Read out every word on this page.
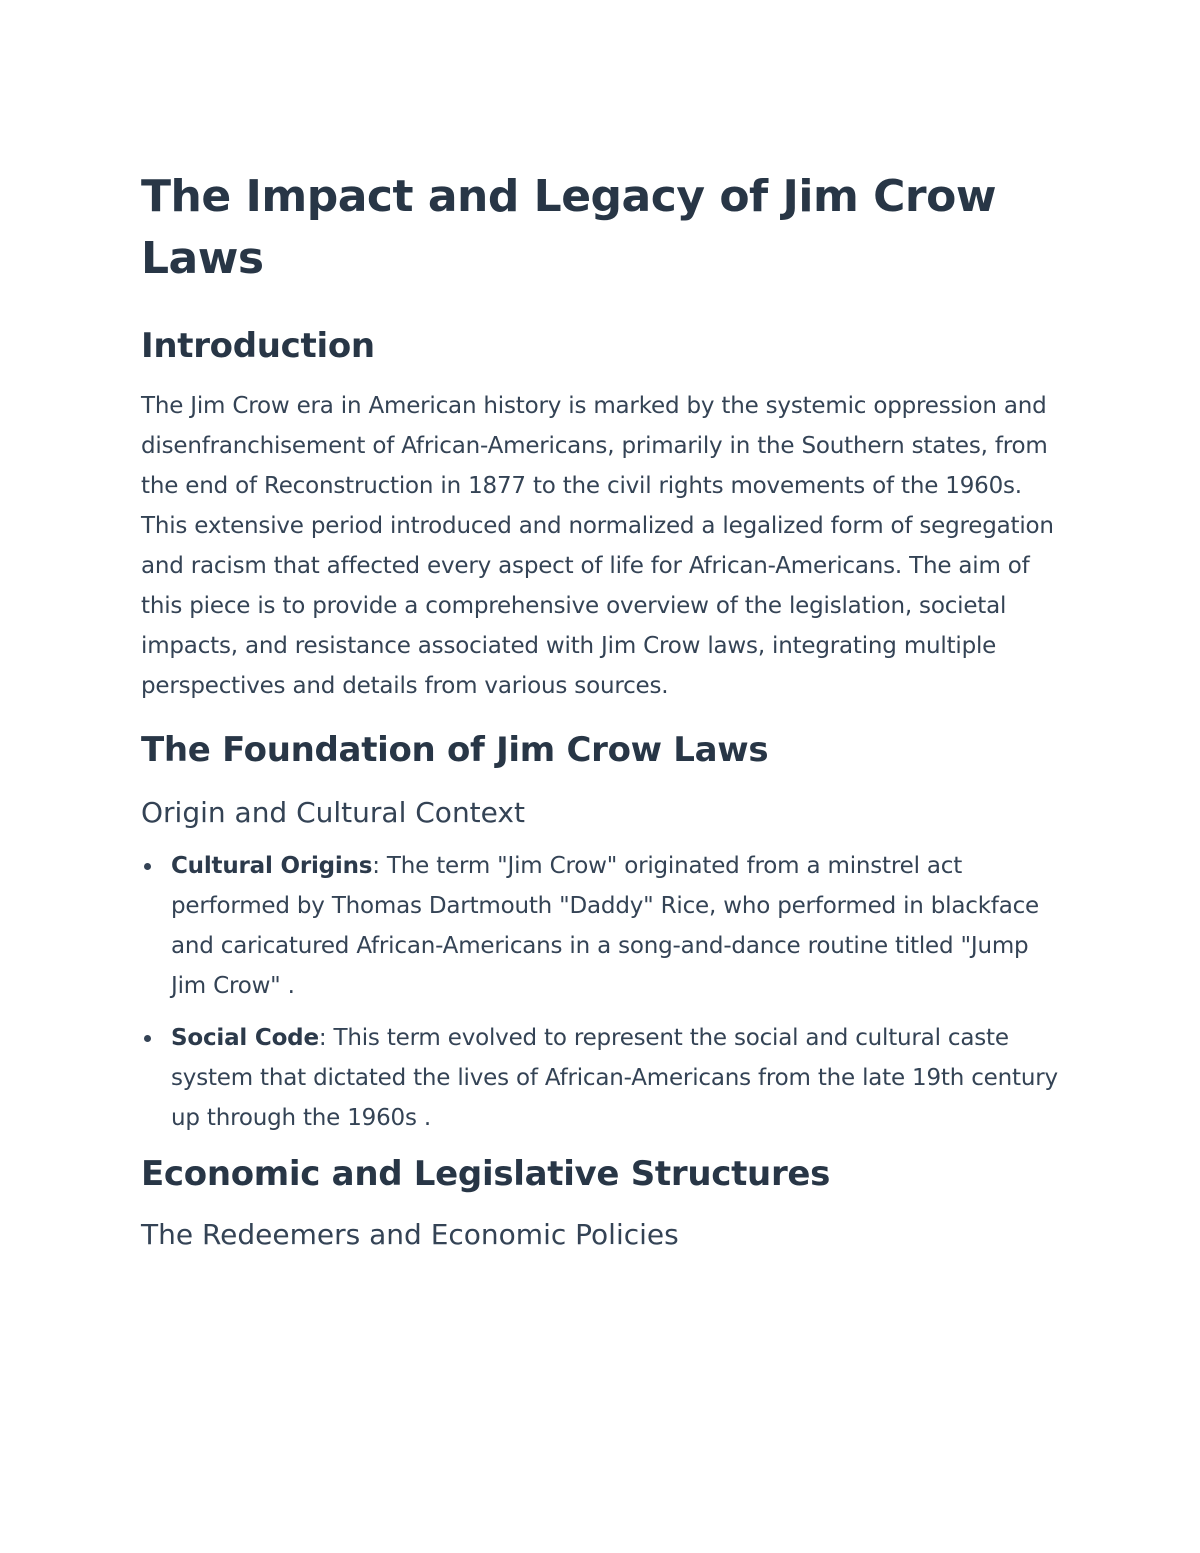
The Impact and Legacy of Jim Crow Laws
Introduction

The Jim Crow era in American history is marked by the systemic oppression and disenfranchisement of African-Americans, primarily in the Southern states, from the end of Reconstruction in 1877 to the civil rights movements of the 1960s. This extensive period introduced and normalized a legalized form of segregation and racism that affected every aspect of life for African-Americans. The aim of this piece is to provide a comprehensive overview of the legislation, societal impacts, and resistance associated with Jim Crow laws, integrating multiple perspectives and details from various sources.

The Foundation of Jim Crow Laws
Origin and Cultural Context
Cultural Origins: The term "Jim Crow" originated from a minstrel act performed by Thomas Dartmouth "Daddy" Rice, who performed in blackface and caricatured African-Americans in a song-and-dance routine titled "Jump Jim Crow" .
Social Code: This term evolved to represent the social and cultural caste system that dictated the lives of African-Americans from the late 19th century up through the 1960s .
Economic and Legislative Structures
The Redeemers and Economic Policies
